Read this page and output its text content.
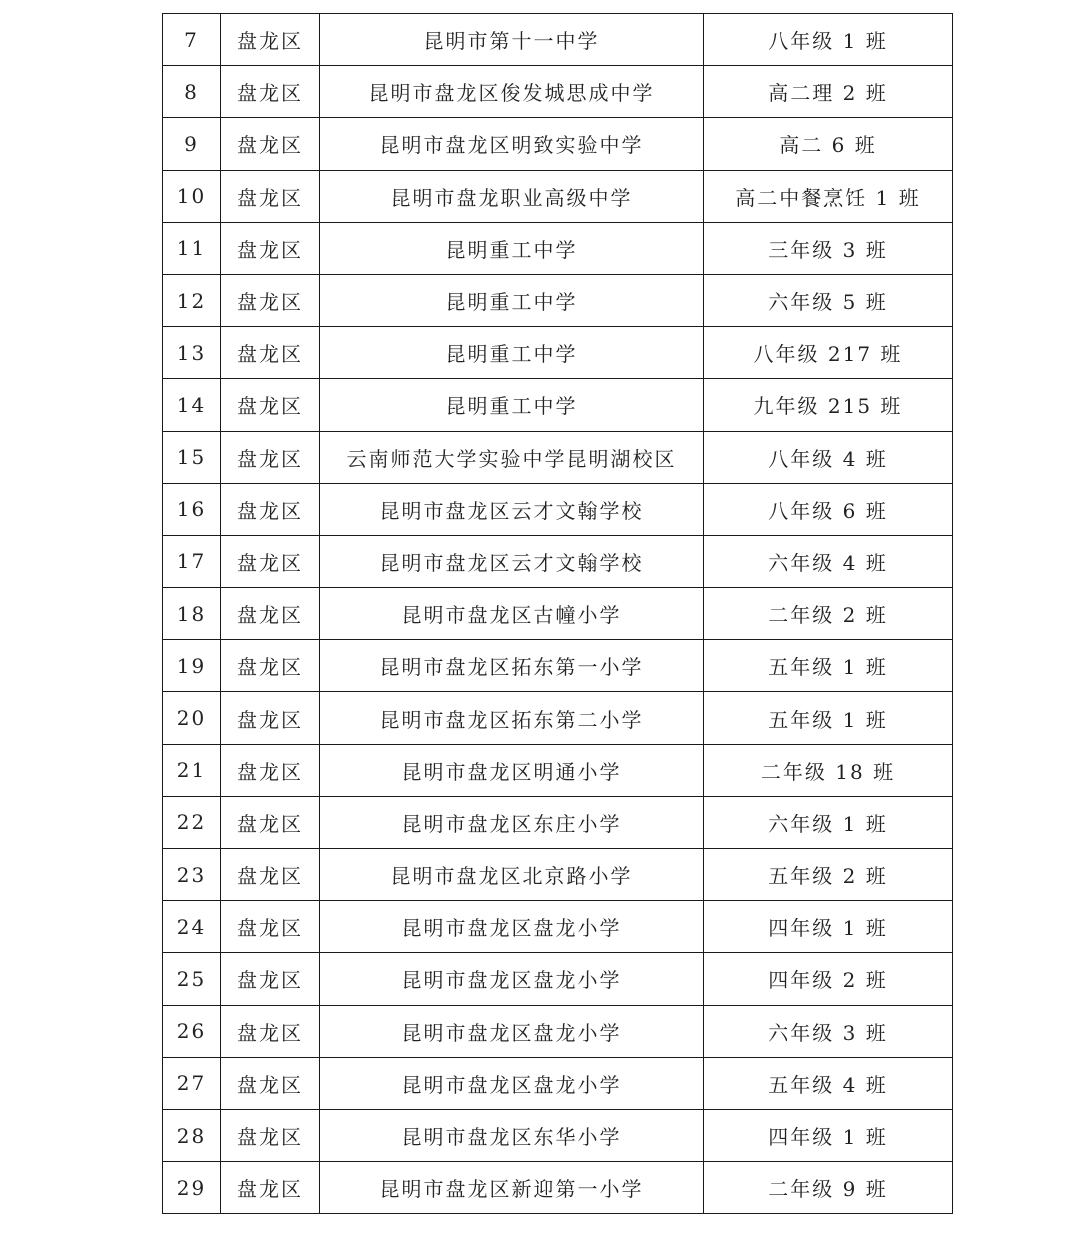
7	盘龙区	昆明市第十一中学	八年级 1 班
8	盘龙区	昆明市盘龙区俊发城思成中学	高二理 2 班
9	盘龙区	昆明市盘龙区明致实验中学	高二 6 班
10	盘龙区	昆明市盘龙职业高级中学	高二中餐烹饪 1 班
11	盘龙区	昆明重工中学	三年级 3 班
12	盘龙区	昆明重工中学	六年级 5 班
13	盘龙区	昆明重工中学	八年级 217 班
14	盘龙区	昆明重工中学	九年级 215 班
15	盘龙区	云南师范大学实验中学昆明湖校区	八年级 4 班
16	盘龙区	昆明市盘龙区云才文翰学校	八年级 6 班
17	盘龙区	昆明市盘龙区云才文翰学校	六年级 4 班
18	盘龙区	昆明市盘龙区古幢小学	二年级 2 班
19	盘龙区	昆明市盘龙区拓东第一小学	五年级 1 班
20	盘龙区	昆明市盘龙区拓东第二小学	五年级 1 班
21	盘龙区	昆明市盘龙区明通小学	二年级 18 班
22	盘龙区	昆明市盘龙区东庄小学	六年级 1 班
23	盘龙区	昆明市盘龙区北京路小学	五年级 2 班
24	盘龙区	昆明市盘龙区盘龙小学	四年级 1 班
25	盘龙区	昆明市盘龙区盘龙小学	四年级 2 班
26	盘龙区	昆明市盘龙区盘龙小学	六年级 3 班
27	盘龙区	昆明市盘龙区盘龙小学	五年级 4 班
28	盘龙区	昆明市盘龙区东华小学	四年级 1 班
29	盘龙区	昆明市盘龙区新迎第一小学	二年级 9 班
